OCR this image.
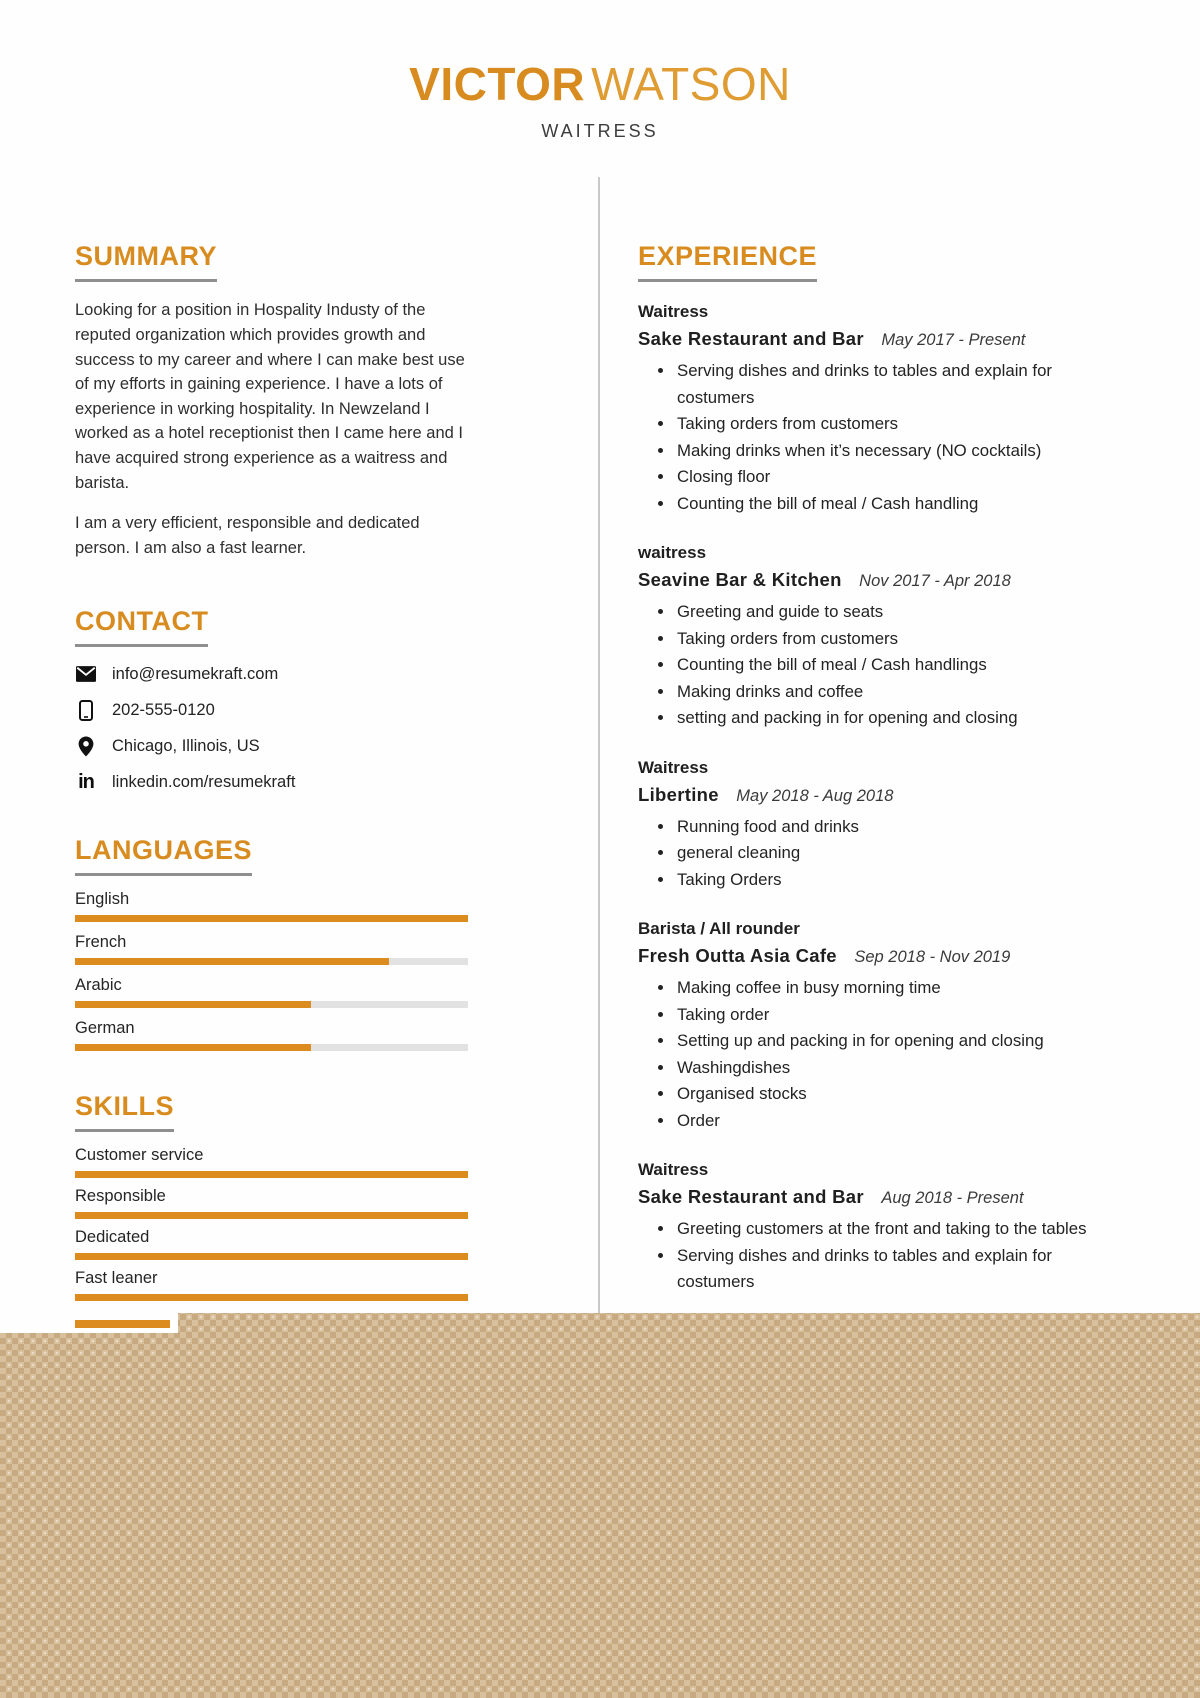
VICTOR WATSON
WAITRESS
SUMMARY

Looking for a position in Hospality Industy of the reputed organization which provides growth and success to my career and where I can make best use of my efforts in gaining experience. I have a lots of experience in working hospitality. In Newzeland I worked as a hotel receptionist then I came here and I have acquired strong experience as a waitress and barista.

I am a very efficient, responsible and dedicated person. I am also a fast learner.

CONTACT
info@resumekraft.com
202-555-0120
Chicago, Illinois, US
in linkedin.com/resumekraft
LANGUAGES
English
French
Arabic
German
SKILLS
Customer service
Responsible
Dedicated
Fast leaner
EXPERIENCE
Waitress
Sake Restaurant and Bar May 2017 - Present
• Serving dishes and drinks to tables and explain for costumers
• Taking orders from customers
• Making drinks when it’s necessary (NO cocktails)
• Closing floor
• Counting the bill of meal / Cash handling
waitress
Seavine Bar & Kitchen Nov 2017 - Apr 2018
• Greeting and guide to seats
• Taking orders from customers
• Counting the bill of meal / Cash handlings
• Making drinks and coffee
• setting and packing in for opening and closing
Waitress
Libertine May 2018 - Aug 2018
• Running food and drinks
• general cleaning
• Taking Orders
Barista / All rounder
Fresh Outta Asia Cafe Sep 2018 - Nov 2019
• Making coffee in busy morning time
• Taking order
• Setting up and packing in for opening and closing
• Washingdishes
• Organised stocks
• Order
Waitress
Sake Restaurant and Bar Aug 2018 - Present
• Greeting customers at the front and taking to the tables
• Serving dishes and drinks to tables and explain for costumers
